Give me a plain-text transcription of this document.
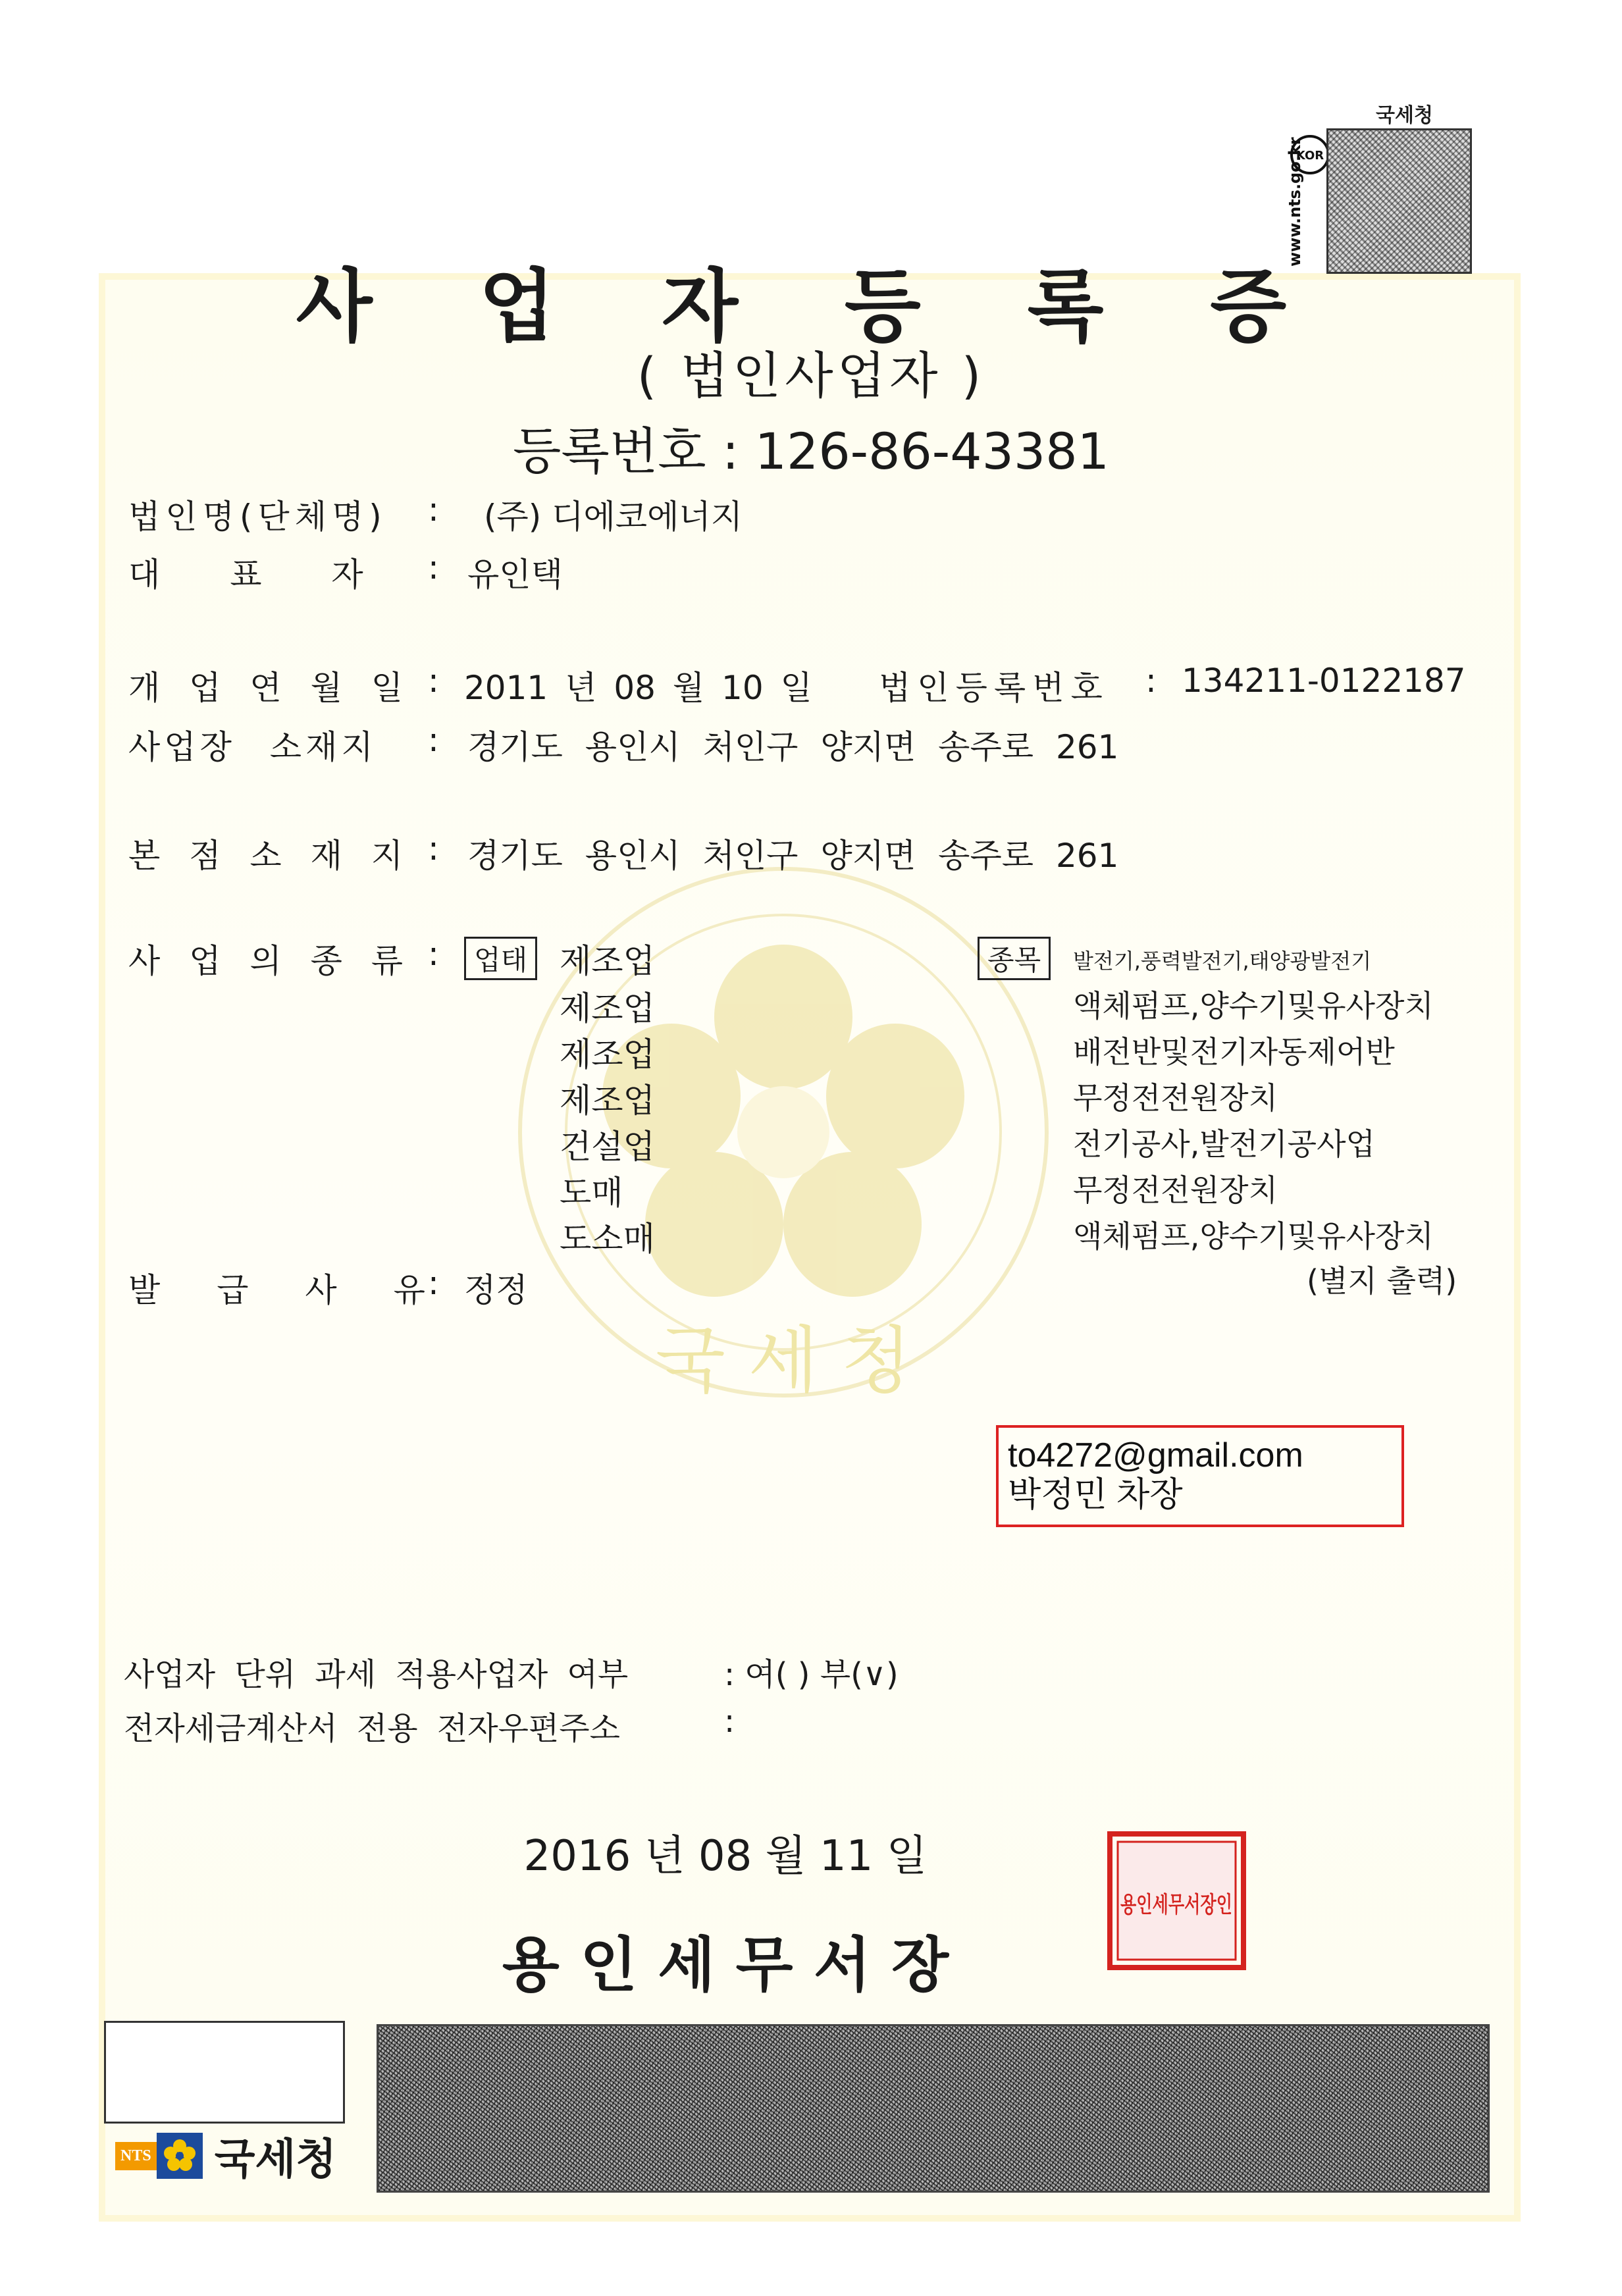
국 세 청
국세청
KOR
www.nts.go.kr
사 업 자 등 록 증
( 법인사업자 )
등록번호 : 126-86-43381
법인명(단체명) : (주) 디에코에너지
대 표 자 : 유인택
개 업 연 월 일 : 2011 년 08 월 10 일 법인등록번호 : 134211-0122187
사업장 소재지 : 경기도 용인시 처인구 양지면 송주로 261
본 점 소 재 지 : 경기도 용인시 처인구 양지면 송주로 261
사 업 의 종 류 :	업태	종목
제조업	발전기,풍력발전기,태양광발전기
제조업	액체펌프,양수기및유사장치
제조업	배전반및전기자동제어반
제조업	무정전전원장치
건설업	전기공사,발전기공사업
도매	무정전전원장치
도소매	액체펌프,양수기및유사장치
발 급 사 유 : 정정	(별지 출력)
to4272@gmail.com
박정민 차장
사업자 단위 과세 적용사업자 여부	: 여( ) 부(∨)
전자세금계산서 전용 전자우편주소	:
2016 년 08 월 11 일
용 인 세 무 서 장
용인세무서장인
NTS 국세청
